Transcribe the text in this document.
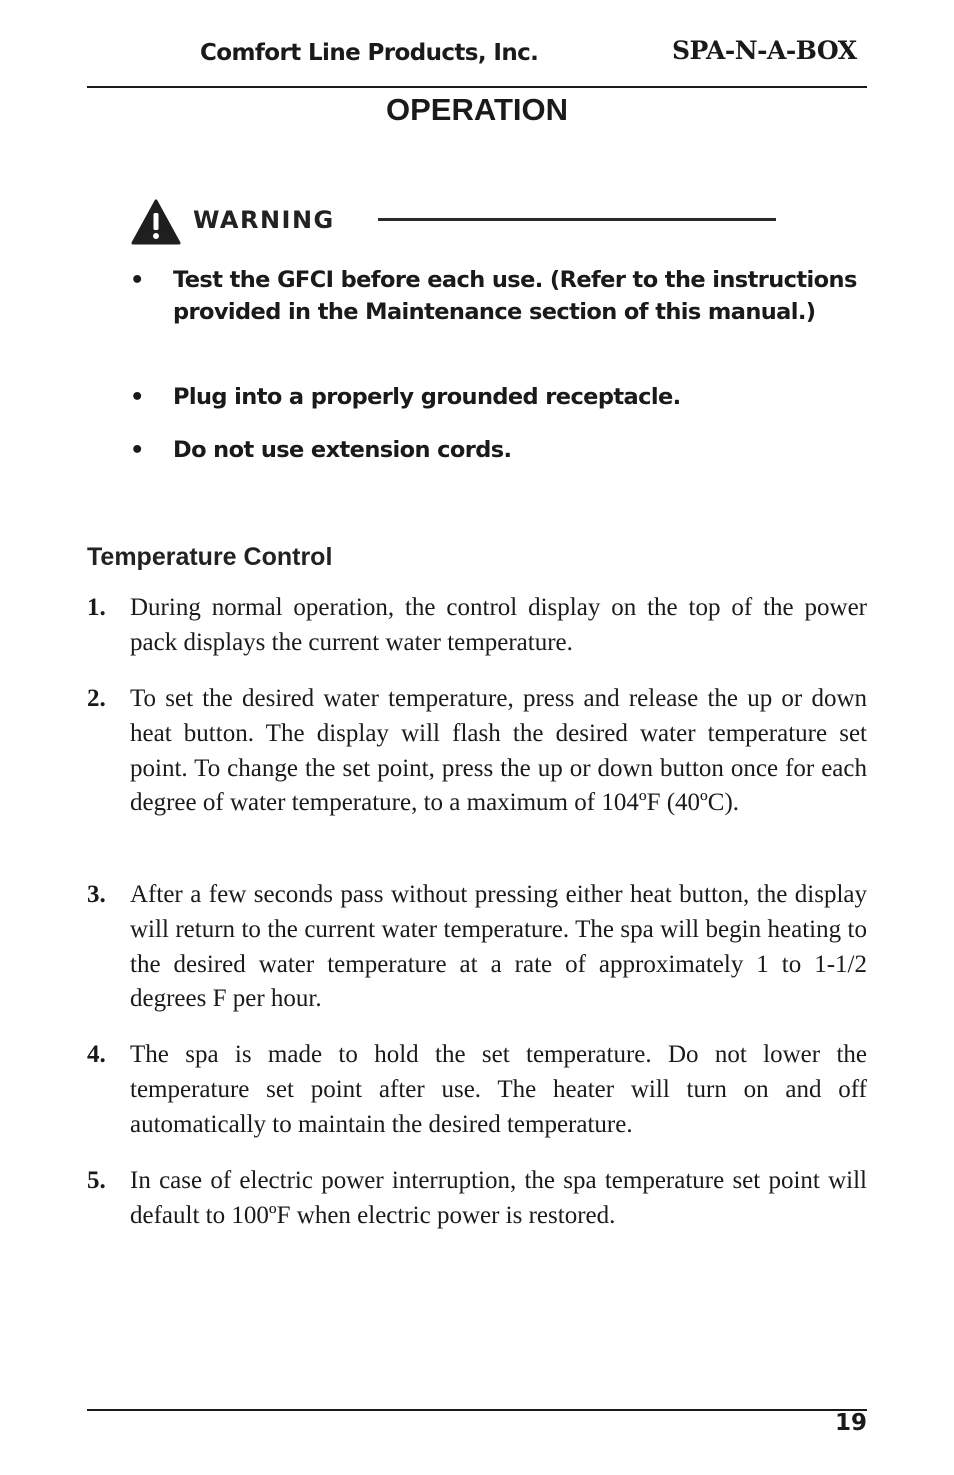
Comfort Line Products, Inc.	SPA-N-A-BOX
OPERATION
WARNING
• Test the GFCI before each use. (Refer to the instructions provided in the Maintenance section of this manual.)
• Plug into a properly grounded receptacle.
• Do not use extension cords.
Temperature Control
1. During normal operation, the control display on the top of the power pack displays the current water temperature.
2. To set the desired water temperature, press and release the up or down heat button. The display will flash the desired water temperature set point. To change the set point, press the up or down button once for each degree of water temperature, to a maximum of 104ºF (40ºC).
3. After a few seconds pass without pressing either heat button, the display will return to the current water temperature. The spa will begin heating to the desired water temperature at a rate of approximately 1 to 1-1/2 degrees F per hour.
4. The spa is made to hold the set temperature. Do not lower the temperature set point after use. The heater will turn on and off automatically to maintain the desired temperature.
5. In case of electric power interruption, the spa temperature set point will default to 100ºF when electric power is restored.
19
